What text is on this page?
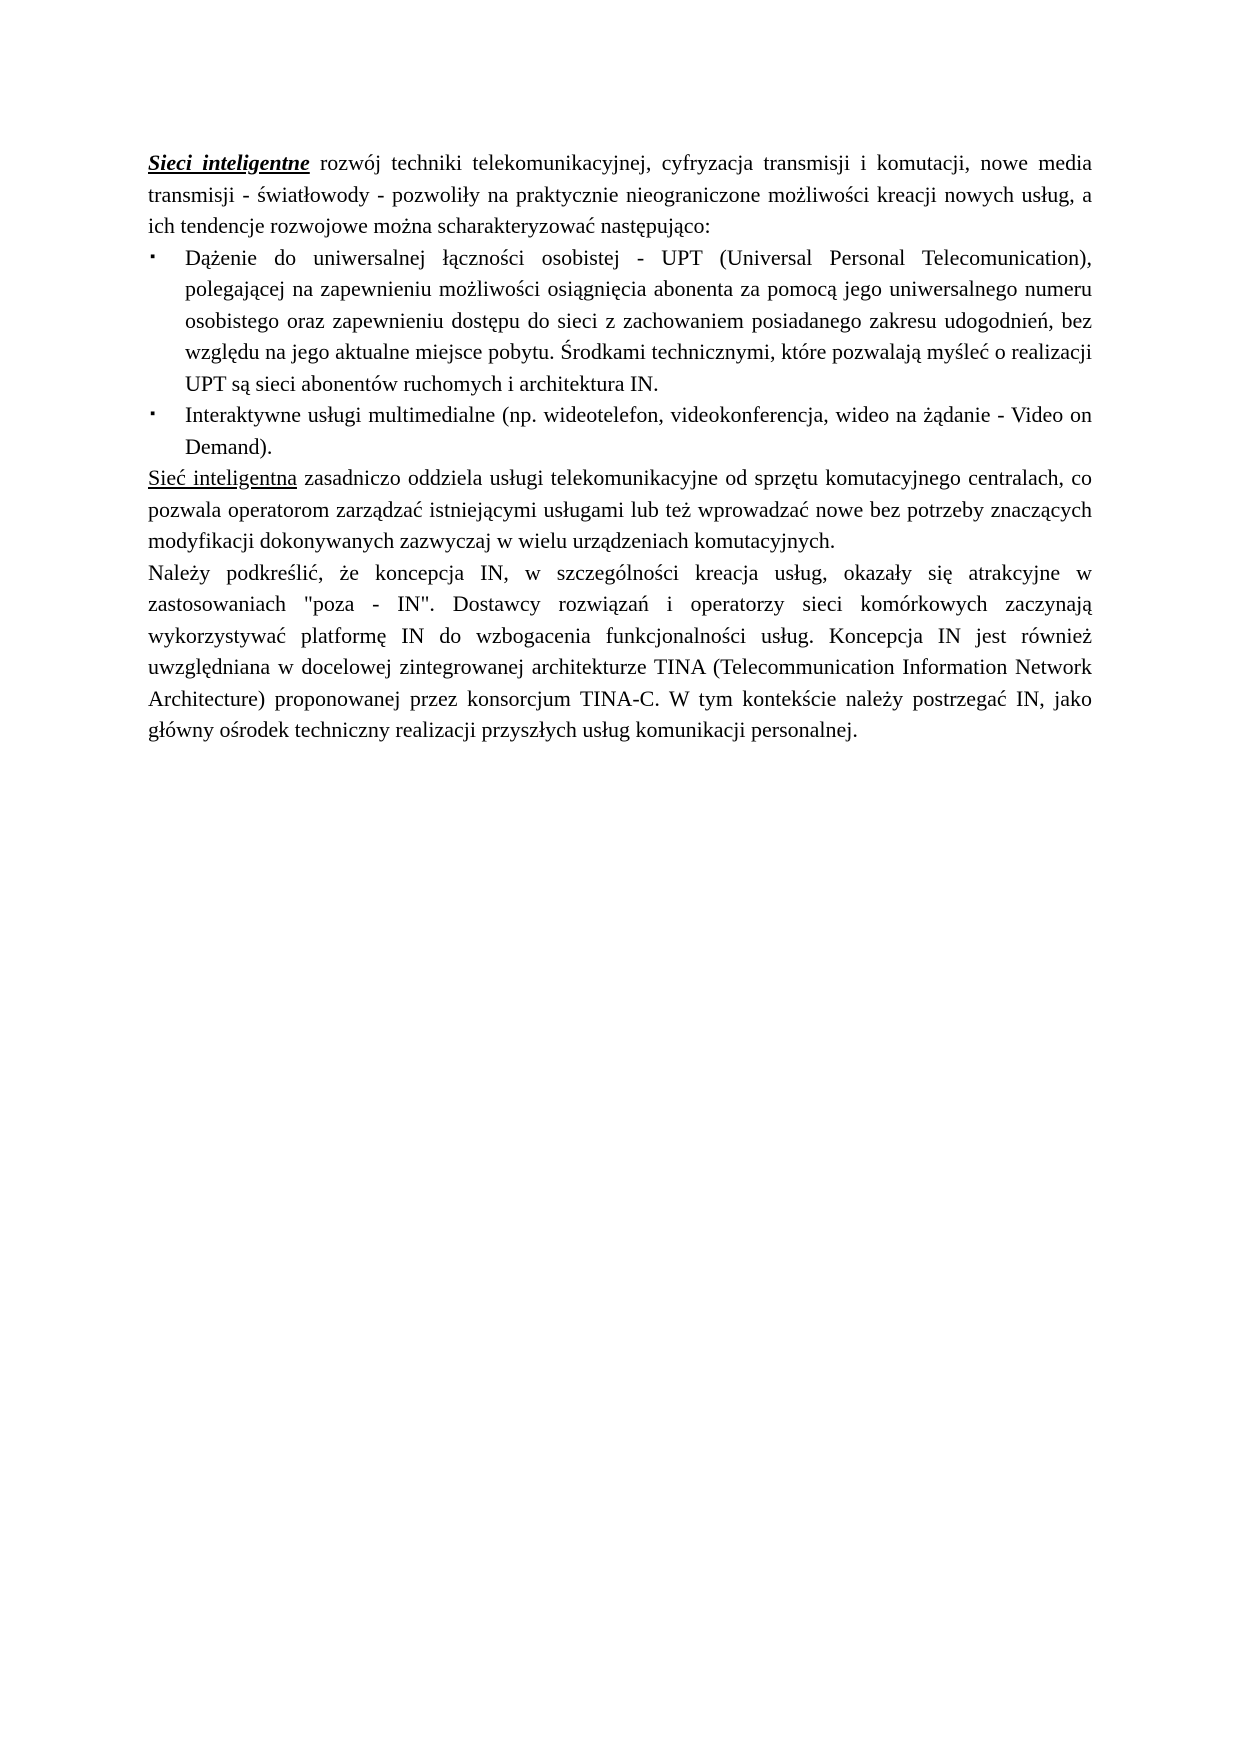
Sieci inteligentne rozwój techniki telekomunikacyjnej, cyfryzacja transmisji i komutacji, nowe media transmisji - światłowody - pozwoliły na praktycznie nieograniczone możliwości kreacji nowych usług, a ich tendencje rozwojowe można scharakteryzować następująco:

▪ Dążenie do uniwersalnej łączności osobistej - UPT (Universal Personal Telecomunication), polegającej na zapewnieniu możliwości osiągnięcia abonenta za pomocą jego uniwersalnego numeru osobistego oraz zapewnieniu dostępu do sieci z zachowaniem posiadanego zakresu udogodnień, bez względu na jego aktualne miejsce pobytu. Środkami technicznymi, które pozwalają myśleć o realizacji UPT są sieci abonentów ruchomych i architektura IN.
▪ Interaktywne usługi multimedialne (np. wideotelefon, videokonferencja, wideo na żądanie - Video on Demand).

Sieć inteligentna zasadniczo oddziela usługi telekomunikacyjne od sprzętu komutacyjnego centralach, co pozwala operatorom zarządzać istniejącymi usługami lub też wprowadzać nowe bez potrzeby znaczących modyfikacji dokonywanych zazwyczaj w wielu urządzeniach komutacyjnych.

Należy podkreślić, że koncepcja IN, w szczególności kreacja usług, okazały się atrakcyjne w zastosowaniach "poza - IN". Dostawcy rozwiązań i operatorzy sieci komórkowych zaczynają wykorzystywać platformę IN do wzbogacenia funkcjonalności usług. Koncepcja IN jest również uwzględniana w docelowej zintegrowanej architekturze TINA (Telecommunication Information Network Architecture) proponowanej przez konsorcjum TINA-C. W tym kontekście należy postrzegać IN, jako główny ośrodek techniczny realizacji przyszłych usług komunikacji personalnej.
